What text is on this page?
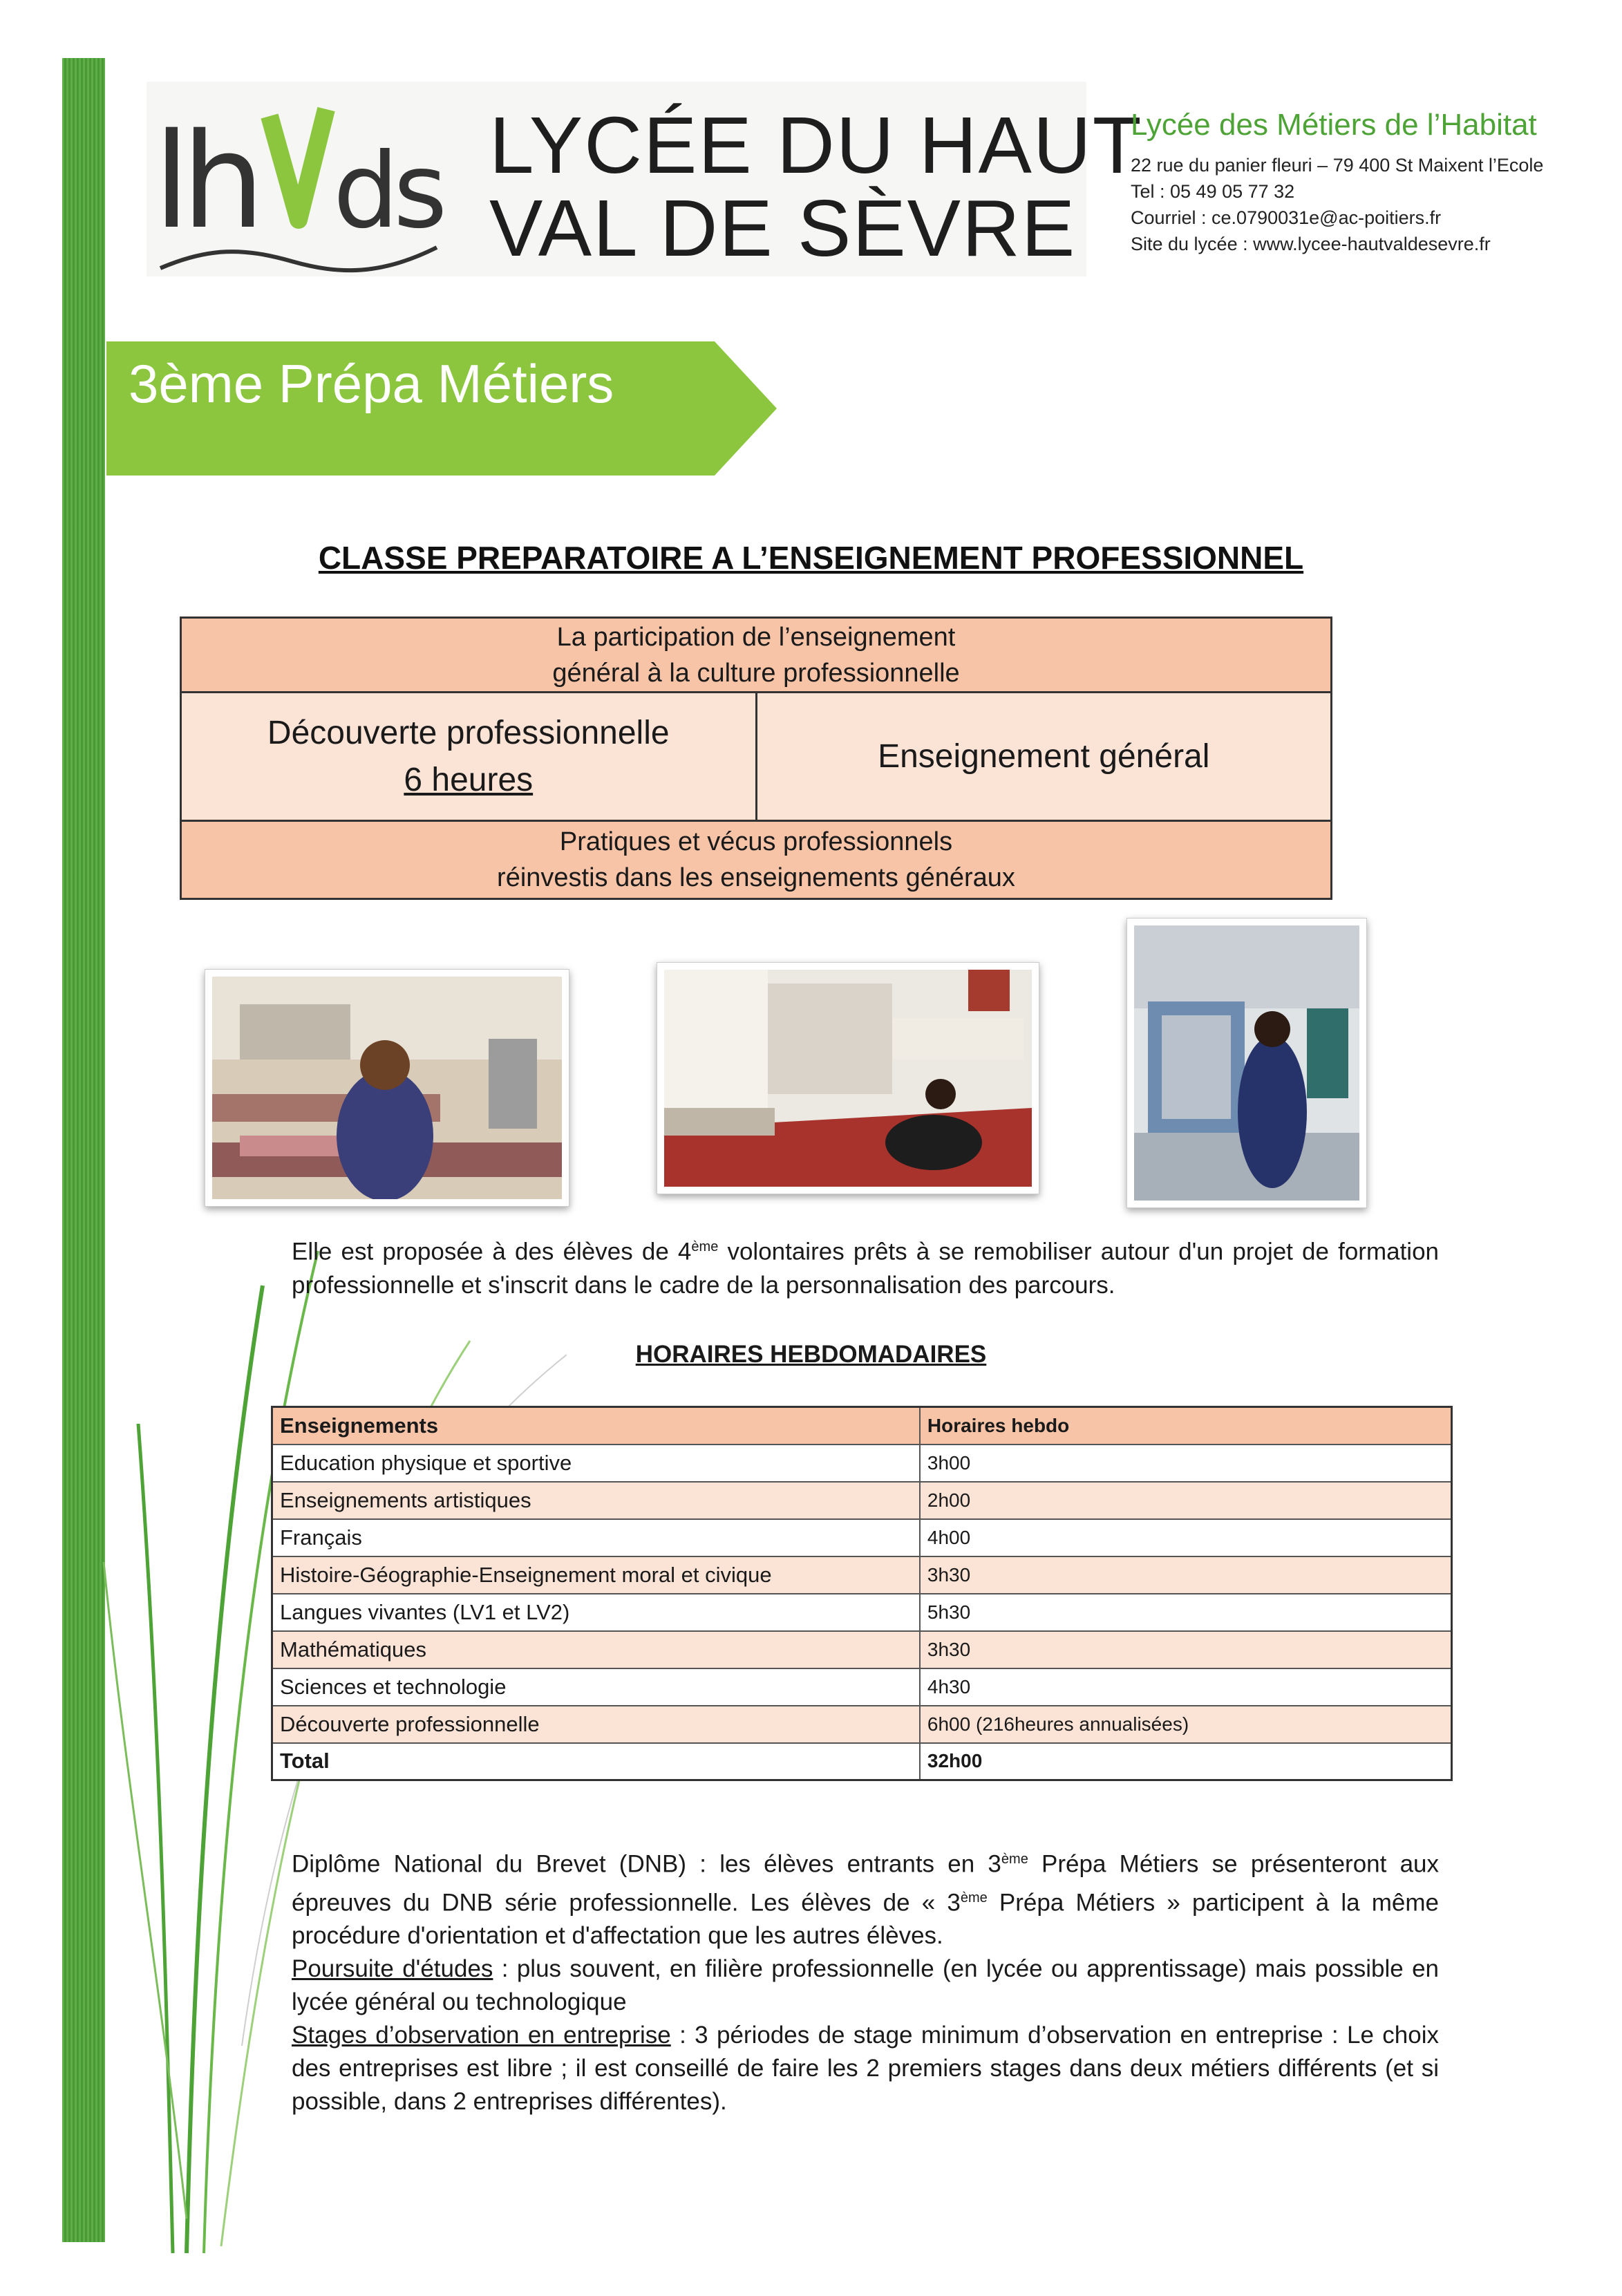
lh ds LYCÉE DU HAUT
VAL DE SÈVRE
Lycée des Métiers de l’Habitat
22 rue du panier fleuri – 79 400 St Maixent l’Ecole
Tel : 05 49 05 77 32
Courriel : ce.0790031e@ac-poitiers.fr
Site du lycée : www.lycee-hautvaldesevre.fr
3ème Prépa Métiers
CLASSE PREPARATOIRE A L’ENSEIGNEMENT PROFESSIONNEL
La participation de l’enseignement
général à la culture professionnelle
Découverte professionnelle
6 heures
Enseignement général
Pratiques et vécus professionnels
réinvestis dans les enseignements généraux
Elle est proposée à des élèves de 4ème volontaires prêts à se remobiliser autour d'un projet de formation professionnelle et s'inscrit dans le cadre de la personnalisation des parcours.
HORAIRES HEBDOMADAIRES
Enseignements	Horaires hebdo
Education physique et sportive	3h00
Enseignements artistiques	2h00
Français	4h00
Histoire-Géographie-Enseignement moral et civique	3h30
Langues vivantes (LV1 et LV2)	5h30
Mathématiques	3h30
Sciences et technologie	4h30
Découverte professionnelle	6h00 (216heures annualisées)
Total	32h00
Diplôme National du Brevet (DNB) : les élèves entrants en 3ème Prépa Métiers se présenteront aux épreuves du DNB série professionnelle. Les élèves de « 3ème Prépa Métiers » participent à la même procédure d'orientation et d'affectation que les autres élèves.
Poursuite d'études : plus souvent, en filière professionnelle (en lycée ou apprentissage) mais possible en lycée général ou technologique
Stages d’observation en entreprise : 3 périodes de stage minimum d’observation en entreprise : Le choix des entreprises est libre ; il est conseillé de faire les 2 premiers stages dans deux métiers différents (et si possible, dans 2 entreprises différentes).
